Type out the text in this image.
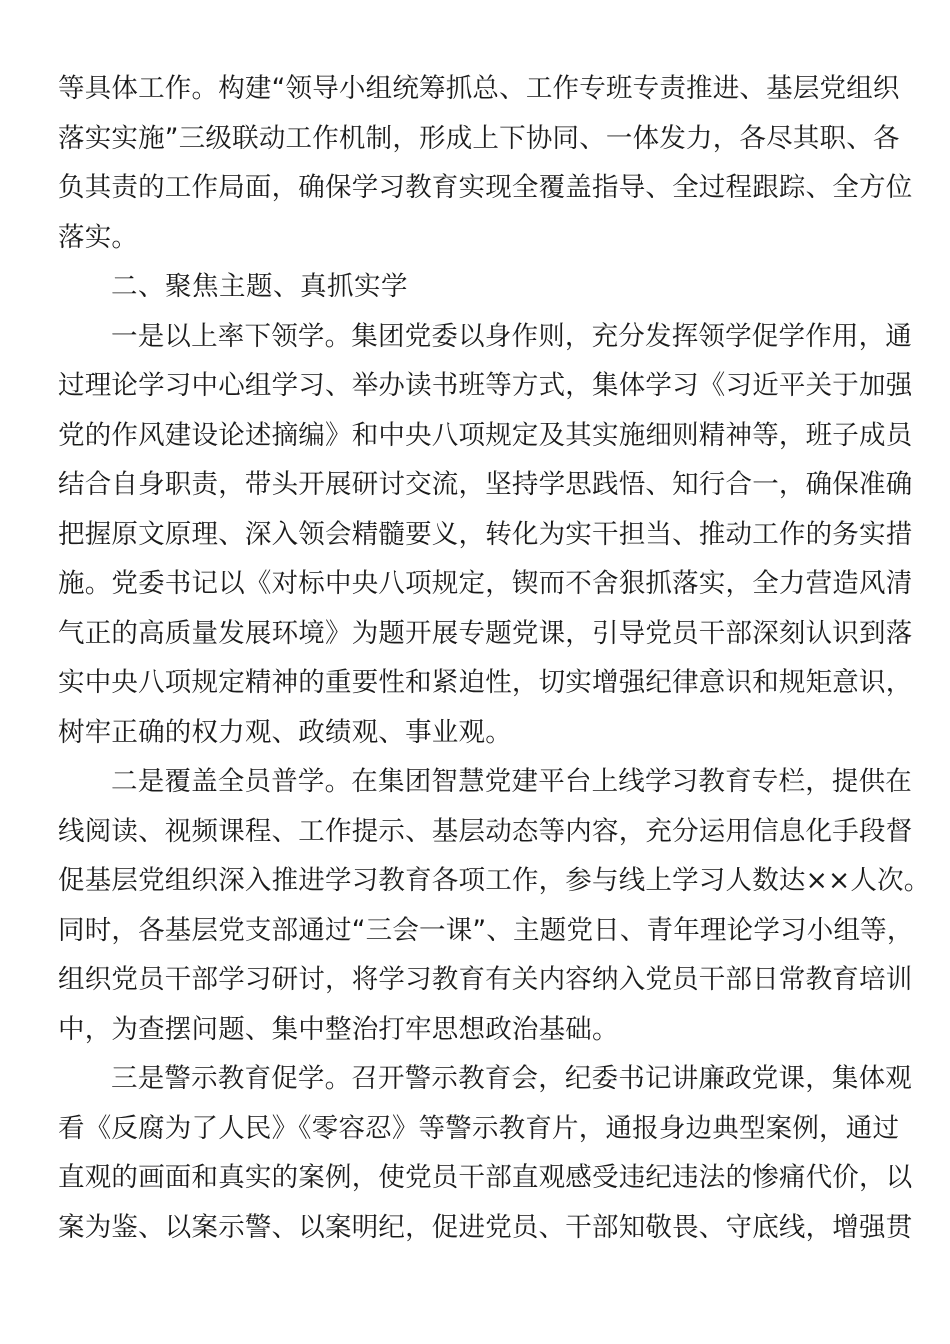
等具体工作。构建“领导小组统筹抓总、工作专班专责推进、基层党组织
落实实施”三级联动工作机制，形成上下协同、一体发力，各尽其职、各
负其责的工作局面，确保学习教育实现全覆盖指导、全过程跟踪、全方位
落实。
二、聚焦主题、真抓实学
一是以上率下领学。集团党委以身作则，充分发挥领学促学作用，通
过理论学习中心组学习、举办读书班等方式，集体学习《习近平关于加强
党的作风建设论述摘编》和中央八项规定及其实施细则精神等，班子成员
结合自身职责，带头开展研讨交流，坚持学思践悟、知行合一，确保准确
把握原文原理、深入领会精髓要义，转化为实干担当、推动工作的务实措
施。党委书记以《对标中央八项规定，锲而不舍狠抓落实，全力营造风清
气正的高质量发展环境》为题开展专题党课，引导党员干部深刻认识到落
实中央八项规定精神的重要性和紧迫性，切实增强纪律意识和规矩意识，
树牢正确的权力观、政绩观、事业观。
二是覆盖全员普学。在集团智慧党建平台上线学习教育专栏，提供在
线阅读、视频课程、工作提示、基层动态等内容，充分运用信息化手段督
促基层党组织深入推进学习教育各项工作，参与线上学习人数达××人次。
同时，各基层党支部通过“三会一课”、主题党日、青年理论学习小组等，
组织党员干部学习研讨，将学习教育有关内容纳入党员干部日常教育培训
中，为查摆问题、集中整治打牢思想政治基础。
三是警示教育促学。召开警示教育会，纪委书记讲廉政党课，集体观
看《反腐为了人民》《零容忍》等警示教育片，通报身边典型案例，通过
直观的画面和真实的案例，使党员干部直观感受违纪违法的惨痛代价，以
案为鉴、以案示警、以案明纪，促进党员、干部知敬畏、守底线，增强贯
